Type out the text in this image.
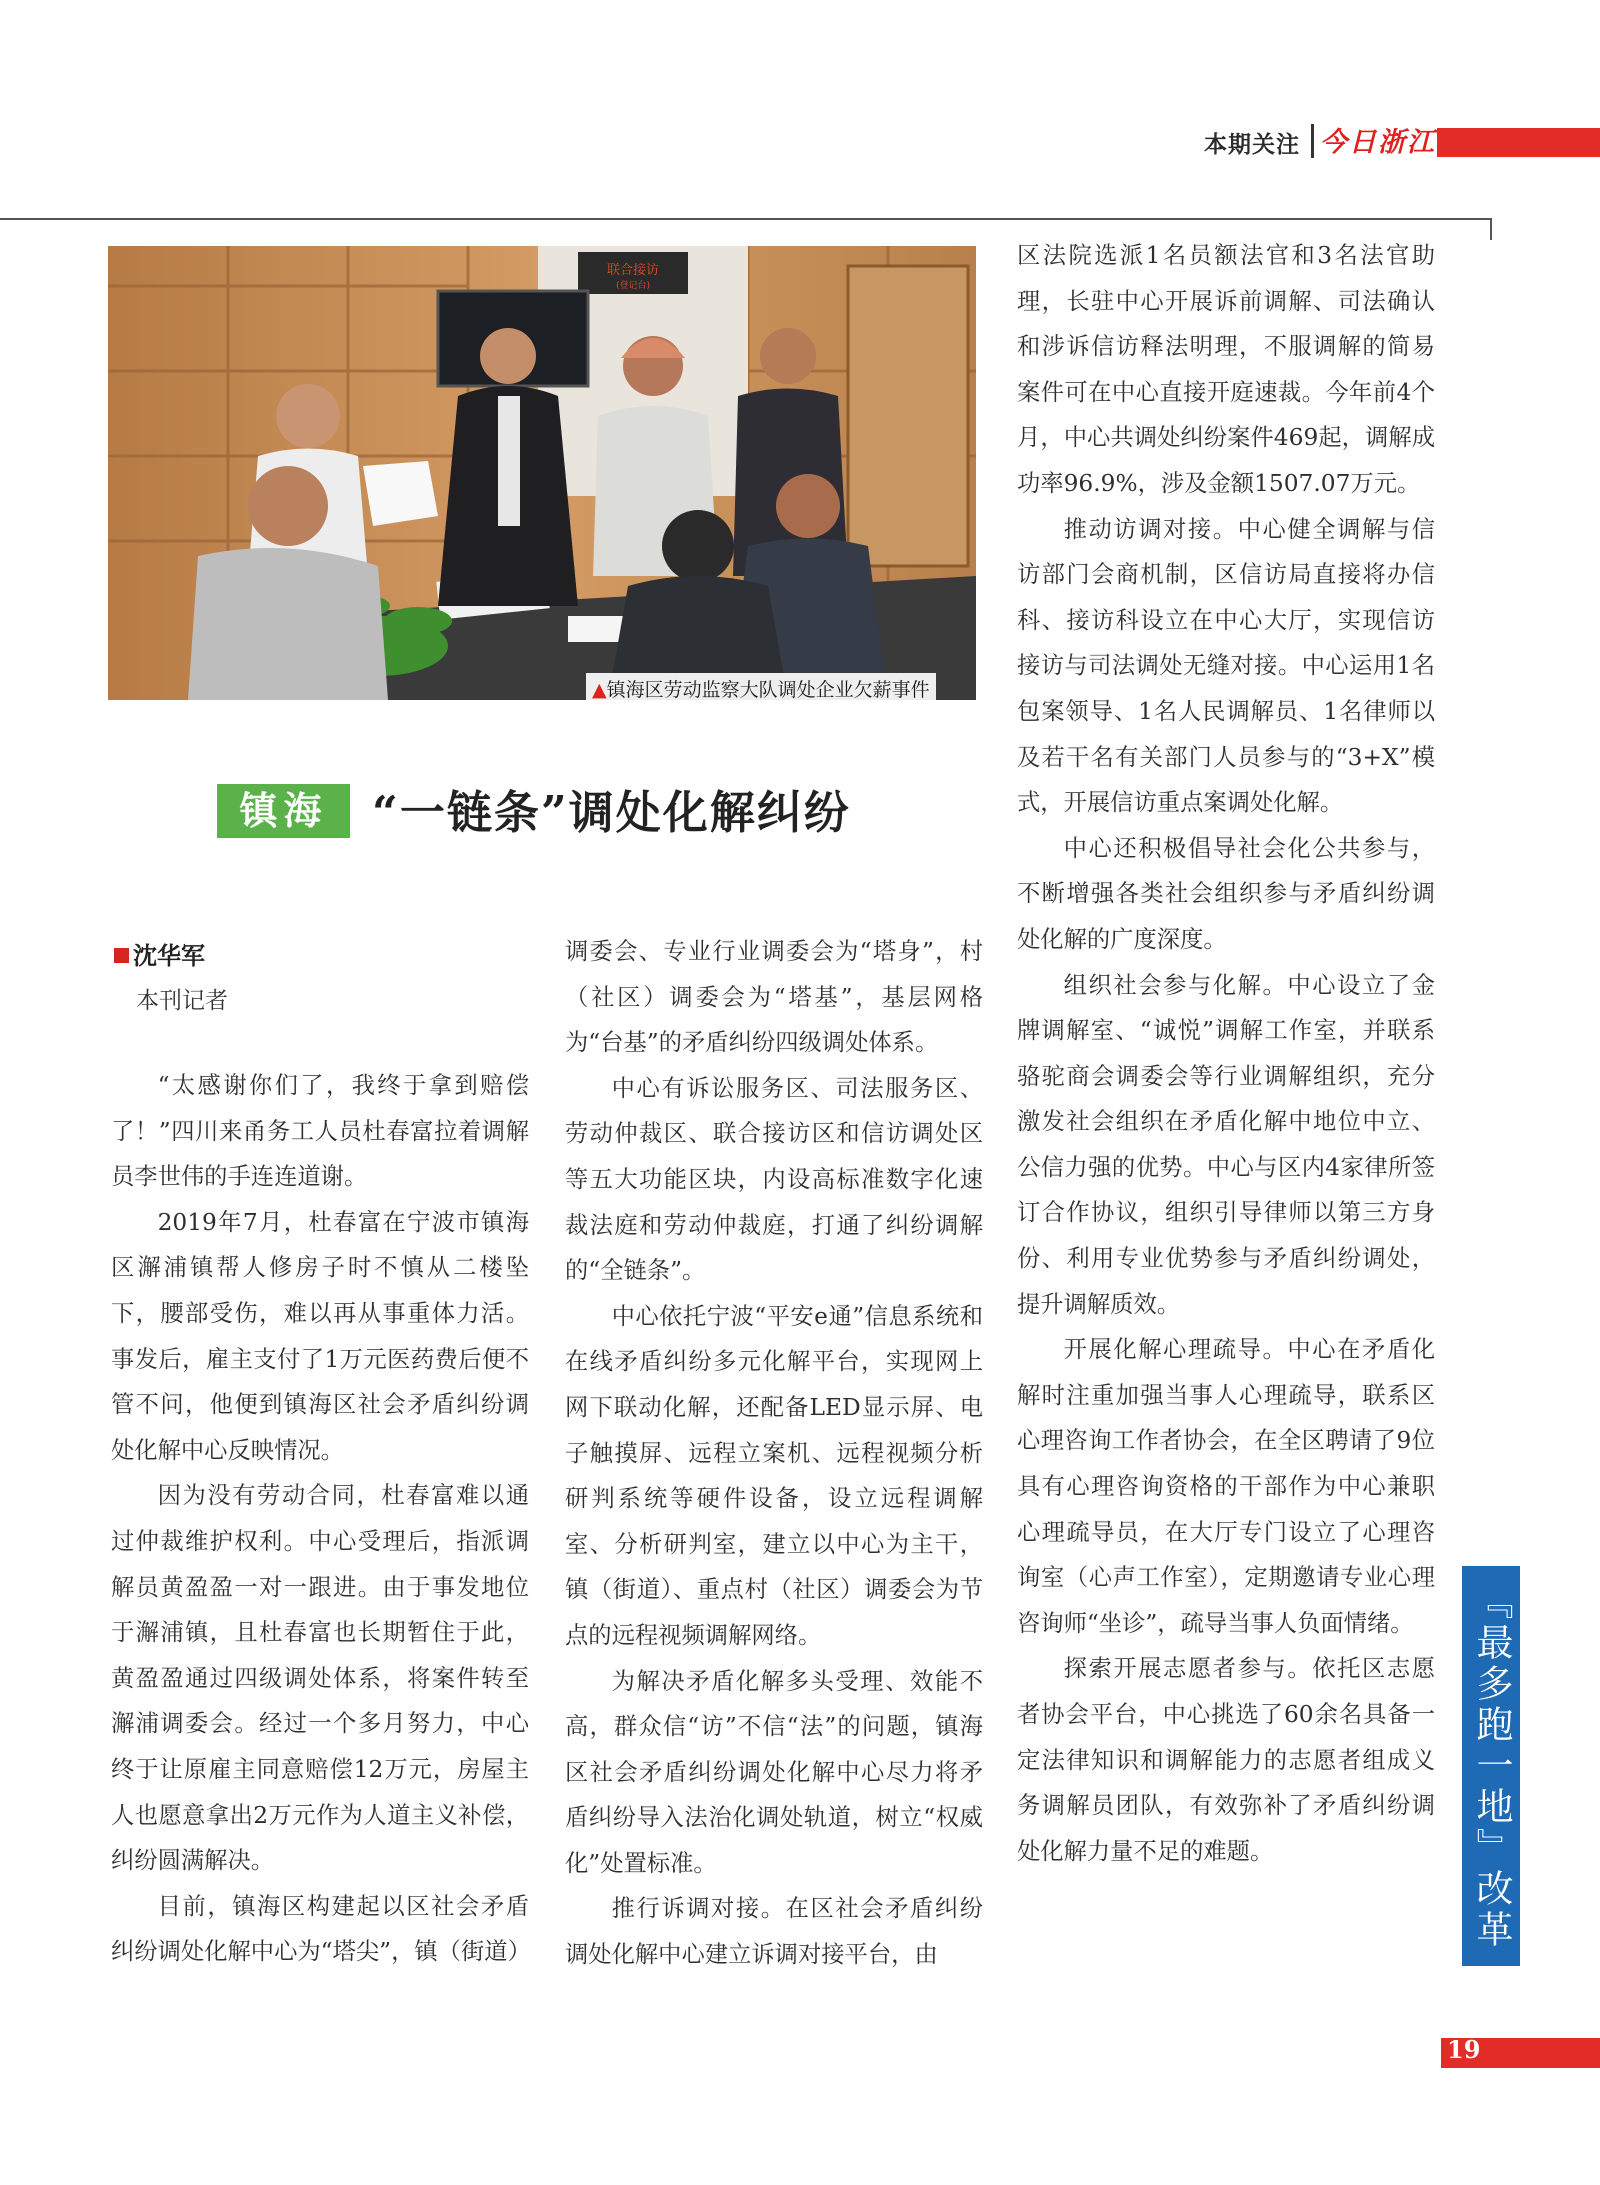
本期关注 今日浙江
联合接访
(登记台)
▲镇海区劳动监察大队调处企业欠薪事件
镇海 “一链条”调处化解纠纷
沈华军
本刊记者

“太感谢你们了，我终于拿到赔偿了！”四川来甬务工人员杜春富拉着调解员李世伟的手连连道谢。

2019年7月，杜春富在宁波市镇海区澥浦镇帮人修房子时不慎从二楼坠下，腰部受伤，难以再从事重体力活。事发后，雇主支付了1万元医药费后便不管不问，他便到镇海区社会矛盾纠纷调处化解中心反映情况。

因为没有劳动合同，杜春富难以通过仲裁维护权利。中心受理后，指派调解员黄盈盈一对一跟进。由于事发地位于澥浦镇，且杜春富也长期暂住于此，黄盈盈通过四级调处体系，将案件转至澥浦调委会。经过一个多月努力，中心终于让原雇主同意赔偿12万元，房屋主人也愿意拿出2万元作为人道主义补偿，纠纷圆满解决。

目前，镇海区构建起以区社会矛盾纠纷调处化解中心为“塔尖”，镇（街道）

调委会、专业行业调委会为“塔身”，村（社区）调委会为“塔基”，基层网格为“台基”的矛盾纠纷四级调处体系。

中心有诉讼服务区、司法服务区、劳动仲裁区、联合接访区和信访调处区等五大功能区块，内设高标准数字化速裁法庭和劳动仲裁庭，打通了纠纷调解的“全链条”。

中心依托宁波“平安e通”信息系统和在线矛盾纠纷多元化解平台，实现网上网下联动化解，还配备LED显示屏、电子触摸屏、远程立案机、远程视频分析研判系统等硬件设备，设立远程调解室、分析研判室，建立以中心为主干，镇（街道）、重点村（社区）调委会为节点的远程视频调解网络。

为解决矛盾化解多头受理、效能不高，群众信“访”不信“法”的问题，镇海区社会矛盾纠纷调处化解中心尽力将矛盾纠纷导入法治化调处轨道，树立“权威化”处置标准。

推行诉调对接。在区社会矛盾纠纷调处化解中心建立诉调对接平台，由

区法院选派1名员额法官和3名法官助理，长驻中心开展诉前调解、司法确认和涉诉信访释法明理，不服调解的简易案件可在中心直接开庭速裁。今年前4个月，中心共调处纠纷案件469起，调解成功率96.9%，涉及金额1507.07万元。

推动访调对接。中心健全调解与信访部门会商机制，区信访局直接将办信科、接访科设立在中心大厅，实现信访接访与司法调处无缝对接。中心运用1名包案领导、1名人民调解员、1名律师以及若干名有关部门人员参与的“3+X”模式，开展信访重点案调处化解。

中心还积极倡导社会化公共参与，不断增强各类社会组织参与矛盾纠纷调处化解的广度深度。

组织社会参与化解。中心设立了金牌调解室、“诚悦”调解工作室，并联系骆驼商会调委会等行业调解组织，充分激发社会组织在矛盾化解中地位中立、公信力强的优势。中心与区内4家律所签订合作协议，组织引导律师以第三方身份、利用专业优势参与矛盾纠纷调处，提升调解质效。

开展化解心理疏导。中心在矛盾化解时注重加强当事人心理疏导，联系区心理咨询工作者协会，在全区聘请了9位具有心理咨询资格的干部作为中心兼职心理疏导员，在大厅专门设立了心理咨询室（心声工作室），定期邀请专业心理咨询师“坐诊”，疏导当事人负面情绪。

探索开展志愿者参与。依托区志愿者协会平台，中心挑选了60余名具备一定法律知识和调解能力的志愿者组成义务调解员团队，有效弥补了矛盾纠纷调处化解力量不足的难题。	『最多跑一地』改革
19
